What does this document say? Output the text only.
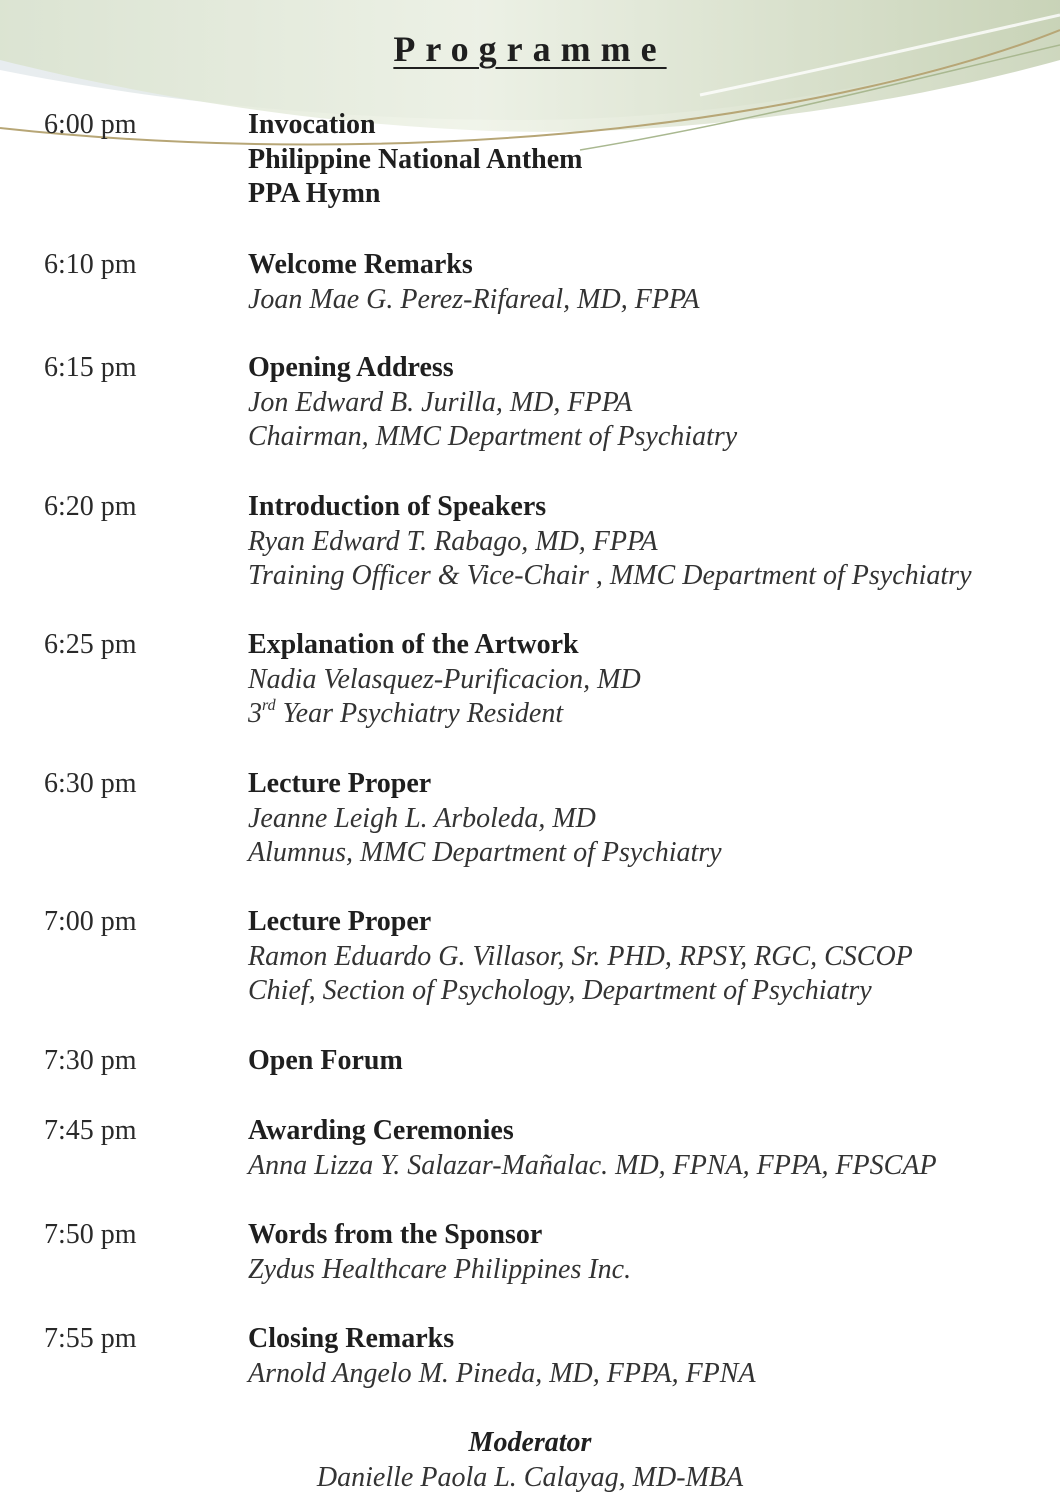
Programme
6:00 pm	Invocation
Philippine National Anthem
PPA Hymn
6:10 pm	Welcome Remarks
Joan Mae G. Perez-Rifareal, MD, FPPA
6:15 pm	Opening Address
Jon Edward B. Jurilla, MD, FPPA
Chairman, MMC Department of Psychiatry
6:20 pm	Introduction of Speakers
Ryan Edward T. Rabago, MD, FPPA
Training Officer & Vice-Chair , MMC Department of Psychiatry
6:25 pm	Explanation of the Artwork
Nadia Velasquez-Purificacion, MD
3rd Year Psychiatry Resident
6:30 pm	Lecture Proper
Jeanne Leigh L. Arboleda, MD
Alumnus, MMC Department of Psychiatry
7:00 pm	Lecture Proper
Ramon Eduardo G. Villasor, Sr. PHD, RPSY, RGC, CSCOP
Chief, Section of Psychology, Department of Psychiatry
7:30 pm	Open Forum
7:45 pm	Awarding Ceremonies
Anna Lizza Y. Salazar-Mañalac. MD, FPNA, FPPA, FPSCAP
7:50 pm	Words from the Sponsor
Zydus Healthcare Philippines Inc.
7:55 pm	Closing Remarks
Arnold Angelo M. Pineda, MD, FPPA, FPNA
Moderator
Danielle Paola L. Calayag, MD-MBA
